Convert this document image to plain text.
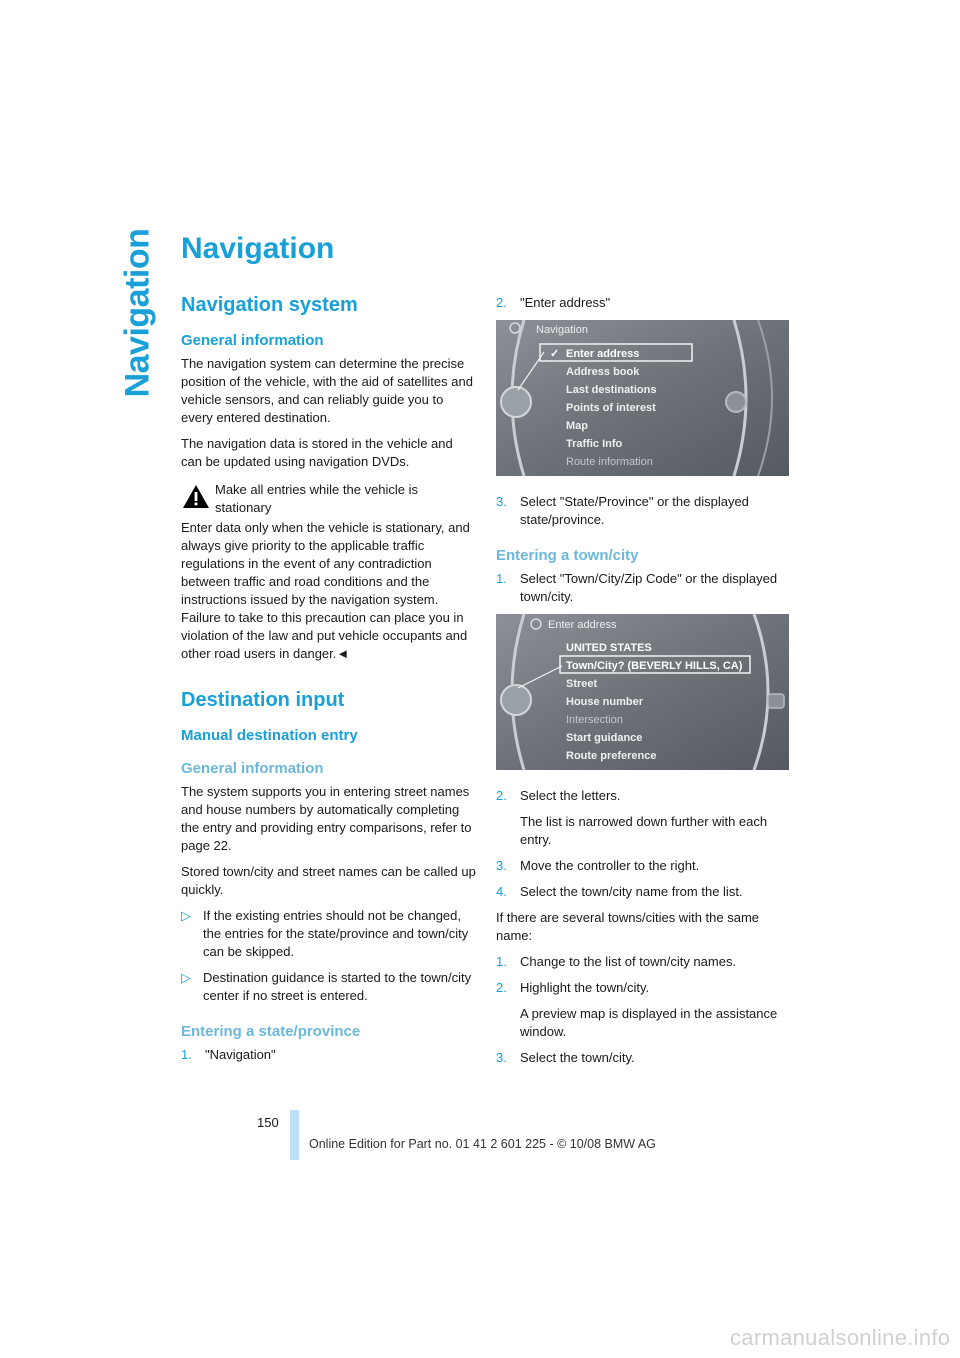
Navigation Navigation
Navigation system
General information

The navigation system can determine the precise position of the vehicle, with the aid of satellites and vehicle sensors, and can reliably guide you to every entered destination.

The navigation data is stored in the vehicle and can be updated using navigation DVDs.

Make all entries while the vehicle is stationary

Enter data only when the vehicle is stationary, and always give priority to the applicable traffic regulations in the event of any contradiction between traffic and road conditions and the instructions issued by the navigation system. Failure to take to this precaution can place you in violation of the law and put vehicle occupants and other road users in danger.◄

Destination input
Manual destination entry
General information

The system supports you in entering street names and house numbers by automatically completing the entry and providing entry comparisons, refer to page 22.

Stored town/city and street names can be called up quickly.

▷ If the existing entries should not be changed, the entries for the state/province and town/city can be skipped.
▷ Destination guidance is started to the town/city center if no street is entered.
Entering a state/province
1.	"Navigation"
2.	"Enter address"
Navigation
✓ Enter address
Address book
Last destinations
Points of interest
Map
Traffic Info
Route information
3.	Select "State/Province" or the displayed state/province.
Entering a town/city
1.	Select "Town/City/Zip Code" or the displayed town/city.
Enter address
UNITED STATES
Town/City? (BEVERLY HILLS, CA)
Street
House number
Intersection
Start guidance
Route preference
2.	Select the letters.

The list is narrowed down further with each entry.

3.	Move the controller to the right.
4.	Select the town/city name from the list.

If there are several towns/cities with the same name:

1.	Change to the list of town/city names.
2.	Highlight the town/city.

A preview map is displayed in the assistance window.

3.	Select the town/city.
150
Online Edition for Part no. 01 41 2 601 225 - © 10/08 BMW AG
carmanualsonline.info
